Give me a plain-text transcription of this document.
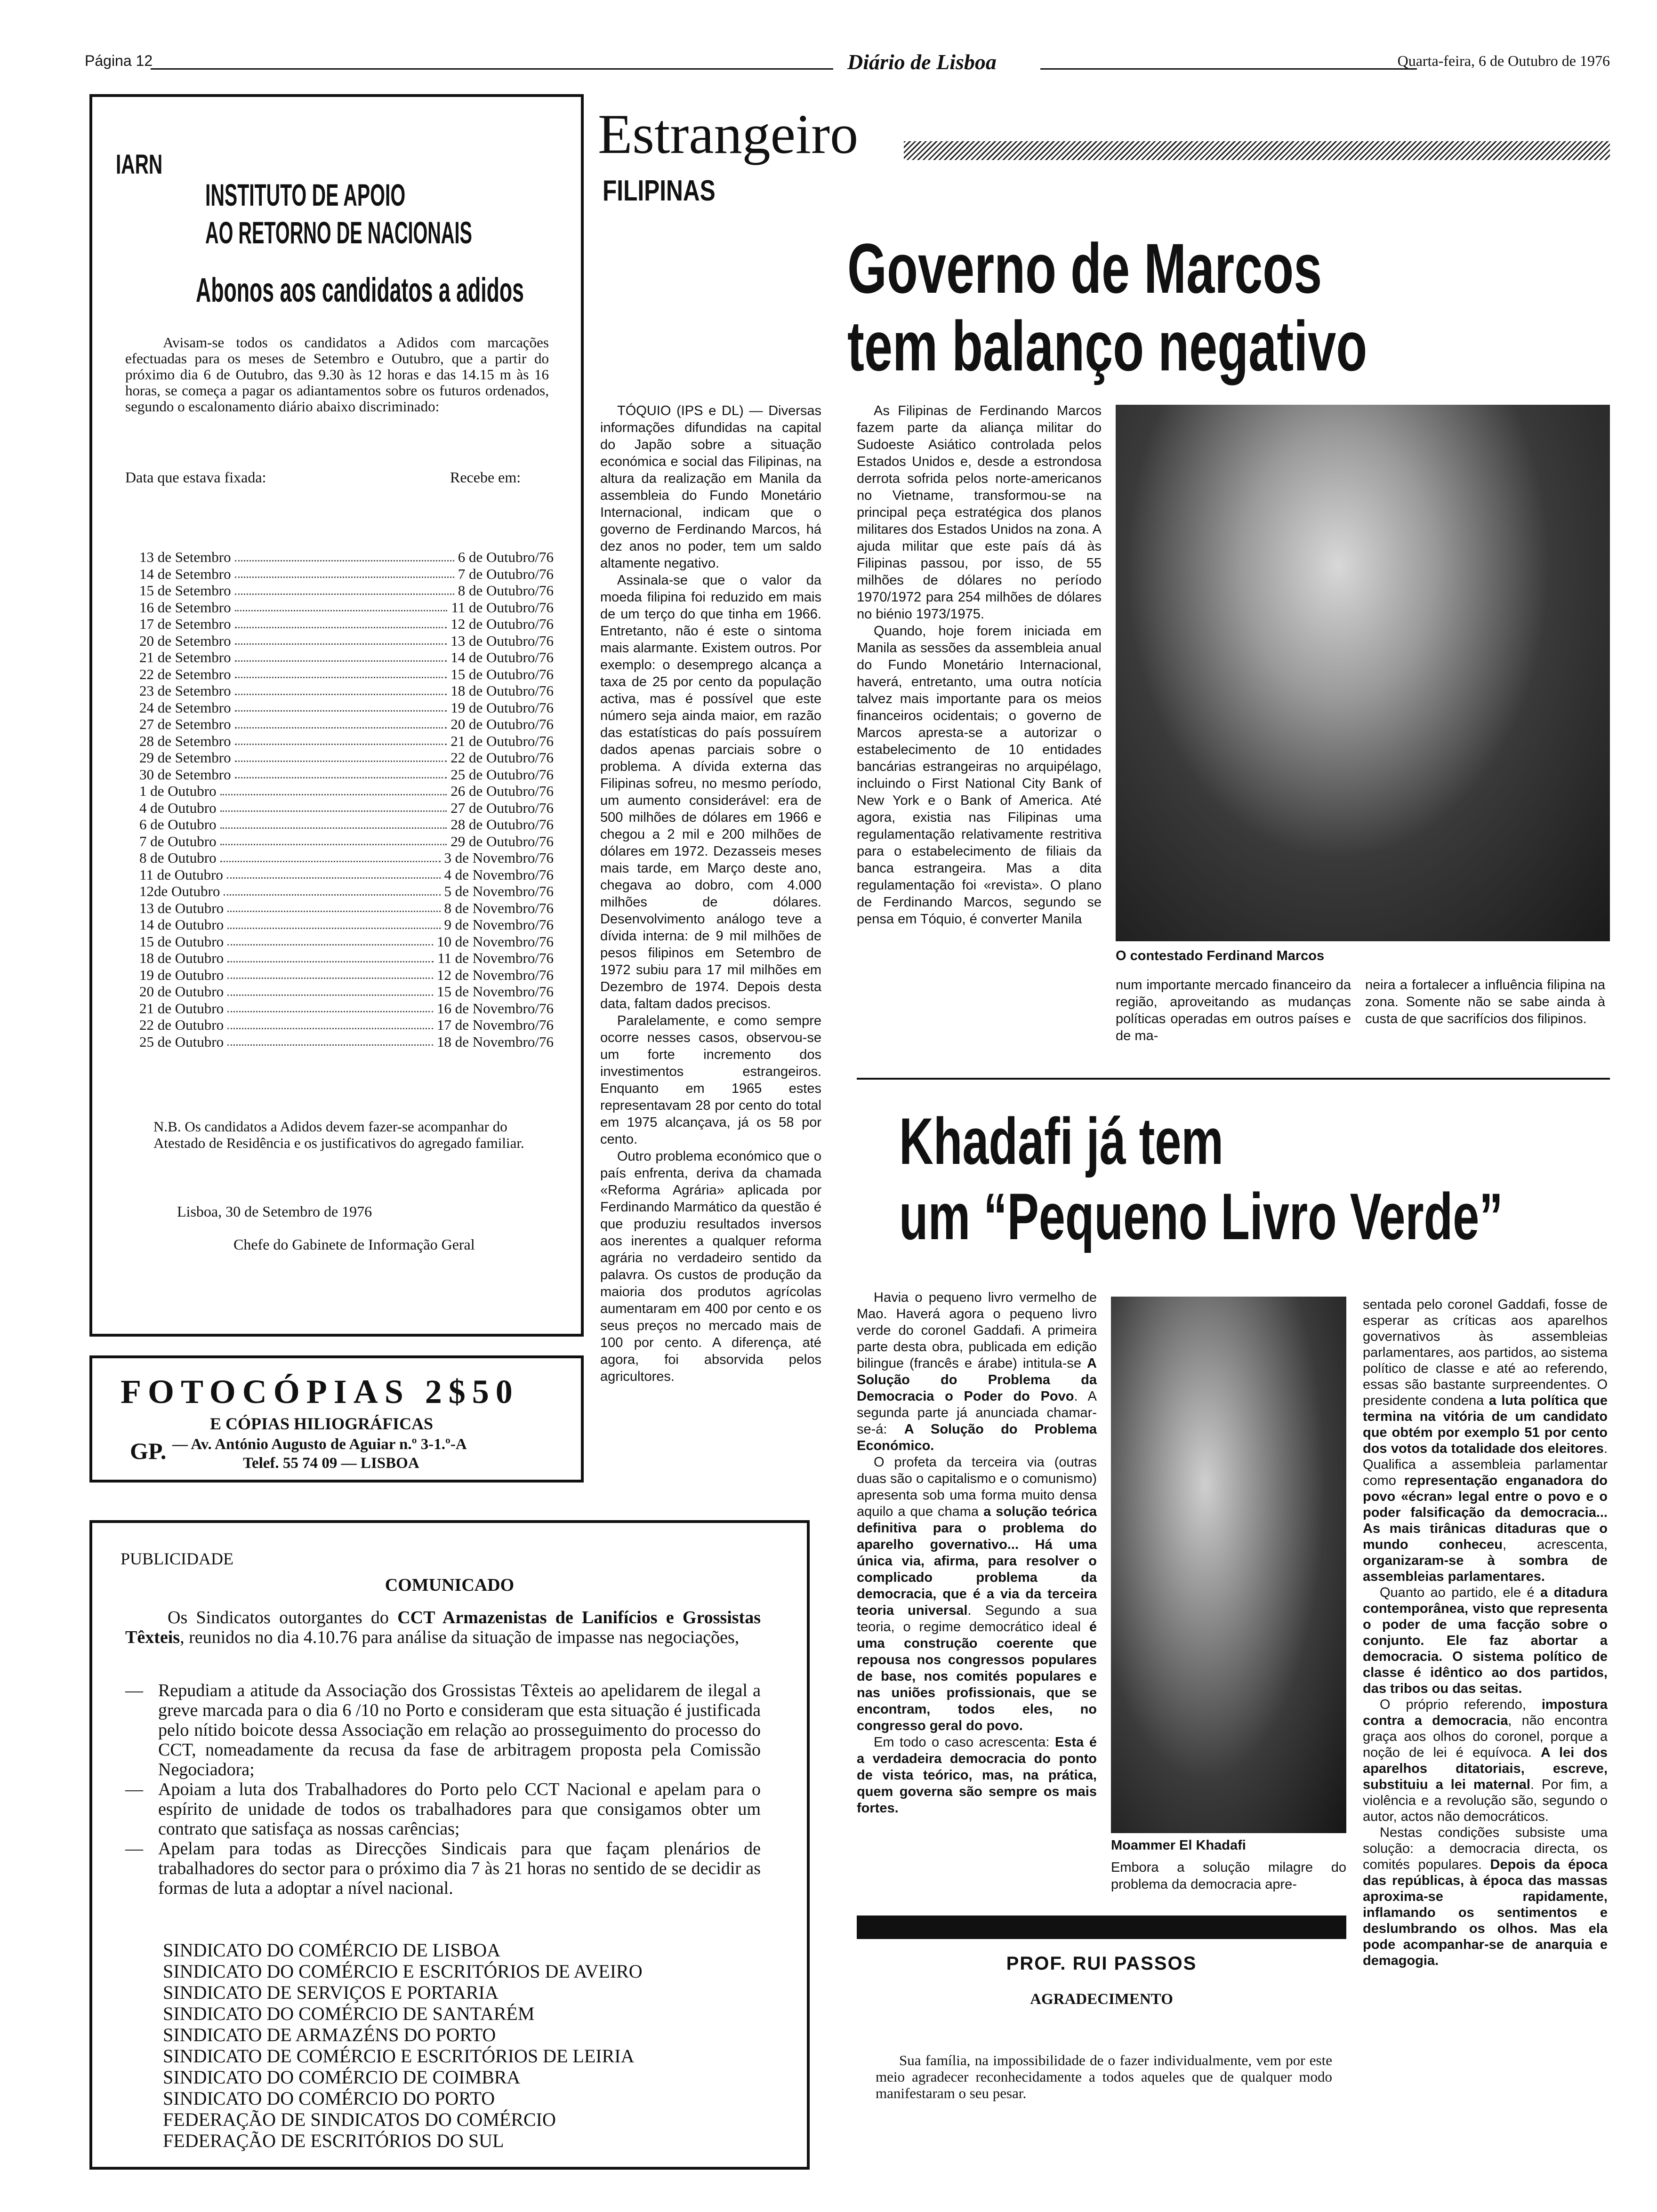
Página 12	Diário de Lisboa	Quarta-feira, 6 de Outubro de 1976
IARN
INSTITUTO DE APOIO
AO RETORNO DE NACIONAIS
Abonos aos candidatos a adidos
Avisam-se todos os candidatos a Adidos com marcações efectuadas para os meses de Setembro e Outubro, que a partir do próximo dia 6 de Outubro, das 9.30 às 12 horas e das 14.15 m às 16 horas, se começa a pagar os adiantamentos sobre os futuros ordenados, segundo o escalonamento diário abaixo discriminado:
Data que estava fixada:	Recebe em:
13 de Setembro	6 de Outubro/76
14 de Setembro	7 de Outubro/76
15 de Setembro	8 de Outubro/76
16 de Setembro	11 de Outubro/76
17 de Setembro	12 de Outubro/76
20 de Setembro	13 de Outubro/76
21 de Setembro	14 de Outubro/76
22 de Setembro	15 de Outubro/76
23 de Setembro	18 de Outubro/76
24 de Setembro	19 de Outubro/76
27 de Setembro	20 de Outubro/76
28 de Setembro	21 de Outubro/76
29 de Setembro	22 de Outubro/76
30 de Setembro	25 de Outubro/76
1 de Outubro	26 de Outubro/76
4 de Outubro	27 de Outubro/76
6 de Outubro	28 de Outubro/76
7 de Outubro	29 de Outubro/76
8 de Outubro	3 de Novembro/76
11 de Outubro	4 de Novembro/76
12de Outubro	5 de Novembro/76
13 de Outubro	8 de Novembro/76
14 de Outubro	9 de Novembro/76
15 de Outubro	10 de Novembro/76
18 de Outubro	11 de Novembro/76
19 de Outubro	12 de Novembro/76
20 de Outubro	15 de Novembro/76
21 de Outubro	16 de Novembro/76
22 de Outubro	17 de Novembro/76
25 de Outubro	18 de Novembro/76
N.B. Os candidatos a Adidos devem fazer-se acompanhar do Atestado de Residência e os justificativos do agregado familiar.
Lisboa, 30 de Setembro de 1976
Chefe do Gabinete de Informação Geral
FOTOCÓPIAS 2$50
E CÓPIAS HILIOGRÁFICAS
GP. — Av. António Augusto de Aguiar n.º 3-1.º-A
Telef. 55 74 09 — LISBOA
PUBLICIDADE
COMUNICADO
Os Sindicatos outorgantes do CCT Armazenistas de Lanifícios e Grossistas Têxteis, reunidos no dia 4.10.76 para análise da situação de impasse nas negociações,
— Repudiam a atitude da Associação dos Grossistas Têxteis ao apelidarem de ilegal a greve marcada para o dia 6 /10 no Porto e consideram que esta situação é justificada pelo nítido boicote dessa Associação em relação ao prosseguimento do processo do CCT, nomeadamente da recusa da fase de arbitragem proposta pela Comissão Negociadora;
— Apoiam a luta dos Trabalhadores do Porto pelo CCT Nacional e apelam para o espírito de unidade de todos os trabalhadores para que consigamos obter um contrato que satisfaça as nossas carências;
— Apelam para todas as Direcções Sindicais para que façam plenários de trabalhadores do sector para o próximo dia 7 às 21 horas no sentido de se decidir as formas de luta a adoptar a nível nacional.
SINDICATO DO COMÉRCIO DE LISBOA
SINDICATO DO COMÉRCIO E ESCRITÓRIOS DE AVEIRO
SINDICATO DE SERVIÇOS E PORTARIA
SINDICATO DO COMÉRCIO DE SANTARÉM
SINDICATO DE ARMAZÉNS DO PORTO
SINDICATO DE COMÉRCIO E ESCRITÓRIOS DE LEIRIA
SINDICATO DO COMÉRCIO DE COIMBRA
SINDICATO DO COMÉRCIO DO PORTO
FEDERAÇÃO DE SINDICATOS DO COMÉRCIO
FEDERAÇÃO DE ESCRITÓRIOS DO SUL
Estrangeiro
FILIPINAS
Governo de Marcos
tem balanço negativo

TÓQUIO (IPS e DL) — Diversas informações difundidas na capital do Japão sobre a situação económica e social das Filipinas, na altura da realização em Manila da assembleia do Fundo Monetário Internacional, indicam que o governo de Ferdinando Marcos, há dez anos no poder, tem um saldo altamente negativo.

Assinala-se que o valor da moeda filipina foi reduzido em mais de um terço do que tinha em 1966. Entretanto, não é este o sintoma mais alarmante. Existem outros. Por exemplo: o desemprego alcança a taxa de 25 por cento da população activa, mas é possível que este número seja ainda maior, em razão das estatísticas do país possuírem dados apenas parciais sobre o problema. A dívida externa das Filipinas sofreu, no mesmo período, um aumento considerável: era de 500 milhões de dólares em 1966 e chegou a 2 mil e 200 milhões de dólares em 1972. Dezasseis meses mais tarde, em Março deste ano, chegava ao dobro, com 4.000 milhões de dólares. Desenvolvimento análogo teve a dívida interna: de 9 mil milhões de pesos filipinos em Setembro de 1972 subiu para 17 mil milhões em Dezembro de 1974. Depois desta data, faltam dados precisos.

Paralelamente, e como sempre ocorre nesses casos, observou-se um forte incremento dos investimentos estrangeiros. Enquanto em 1965 estes representavam 28 por cento do total em 1975 alcançava, já os 58 por cento.

Outro problema económico que o país enfrenta, deriva da chamada «Reforma Agrária» aplicada por Ferdinando Marmático da questão é que produziu resultados inversos aos inerentes a qualquer reforma agrária no verdadeiro sentido da palavra. Os custos de produção da maioria dos produtos agrícolas aumentaram em 400 por cento e os seus preços no mercado mais de 100 por cento. A diferença, até agora, foi absorvida pelos agricultores.

As Filipinas de Ferdinando Marcos fazem parte da aliança militar do Sudoeste Asiático controlada pelos Estados Unidos e, desde a estrondosa derrota sofrida pelos norte-americanos no Vietname, transformou-se na principal peça estratégica dos planos militares dos Estados Unidos na zona. A ajuda militar que este país dá às Filipinas passou, por isso, de 55 milhões de dólares no período 1970/1972 para 254 milhões de dólares no biénio 1973/1975.

Quando, hoje forem iniciada em Manila as sessões da assembleia anual do Fundo Monetário Internacional, haverá, entretanto, uma outra notícia talvez mais importante para os meios financeiros ocidentais; o governo de Marcos apresta-se a autorizar o estabelecimento de 10 entidades bancárias estrangeiras no arquipélago, incluindo o First National City Bank of New York e o Bank of America. Até agora, existia nas Filipinas uma regulamentação relativamente restritiva para o estabelecimento de filiais da banca estrangeira. Mas a dita regulamentação foi «revista». O plano de Ferdinando Marcos, segundo se pensa em Tóquio, é converter Manila

O contestado Ferdinand Marcos
num importante mercado financeiro da região, aproveitando as mudanças políticas operadas em outros países e de ma-
neira a fortalecer a influência filipina na zona. Somente não se sabe ainda à custa de que sacrifícios dos filipinos.
Khadafi já tem
um “Pequeno Livro Verde”

Havia o pequeno livro vermelho de Mao. Haverá agora o pequeno livro verde do coronel Gaddafi. A primeira parte desta obra, publicada em edição bilingue (francês e árabe) intitula-se A Solução do Problema da Democracia o Poder do Povo. A segunda parte já anunciada chamar-se-á: A Solução do Problema Económico.

O profeta da terceira via (outras duas são o capitalismo e o comunismo) apresenta sob uma forma muito densa aquilo a que chama a solução teórica definitiva para o problema do aparelho governativo... Há uma única via, afirma, para resolver o complicado problema da democracia, que é a via da terceira teoria universal. Segundo a sua teoria, o regime democrático ideal é uma construção coerente que repousa nos congressos populares de base, nos comités populares e nas uniões profissionais, que se encontram, todos eles, no congresso geral do povo.

Em todo o caso acrescenta: Esta é a verdadeira democracia do ponto de vista teórico, mas, na prática, quem governa são sempre os mais fortes.

Moammer El Khadafi
Embora a solução milagre do problema da democracia apre-

sentada pelo coronel Gaddafi, fosse de esperar as críticas aos aparelhos governativos às assembleias parlamentares, aos partidos, ao sistema político de classe e até ao referendo, essas são bastante surpreendentes. O presidente condena a luta política que termina na vitória de um candidato que obtém por exemplo 51 por cento dos votos da totalidade dos eleitores. Qualifica a assembleia parlamentar como representação enganadora do povo «écran» legal entre o povo e o poder falsificação da democracia... As mais tirânicas ditaduras que o mundo conheceu, acrescenta, organizaram-se à sombra de assembleias parlamentares.

Quanto ao partido, ele é a ditadura contemporânea, visto que representa o poder de uma facção sobre o conjunto. Ele faz abortar a democracia. O sistema político de classe é idêntico ao dos partidos, das tribos ou das seitas.

O próprio referendo, impostura contra a democracia, não encontra graça aos olhos do coronel, porque a noção de lei é equívoca. A lei dos aparelhos ditatoriais, escreve, substituiu a lei maternal. Por fim, a violência e a revolução são, segundo o autor, actos não democráticos.

Nestas condições subsiste uma solução: a democracia directa, os comités populares. Depois da época das repúblicas, à época das massas aproxima-se rapidamente, inflamando os sentimentos e deslumbrando os olhos. Mas ela pode acompanhar-se de anarquia e demagogia.

PROF. RUI PASSOS
AGRADECIMENTO
Sua família, na impossibilidade de o fazer individualmente, vem por este meio agradecer reconhecidamente a todos aqueles que de qualquer modo manifestaram o seu pesar.
